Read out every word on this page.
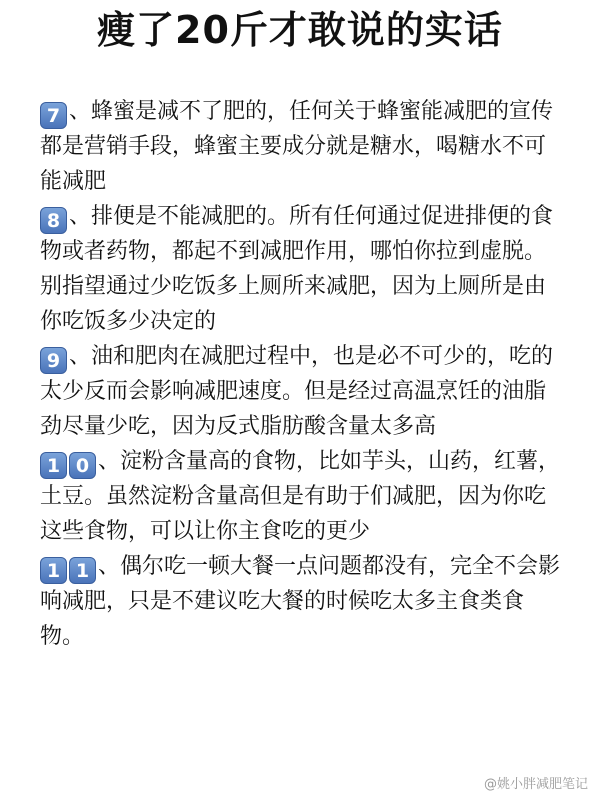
瘦了20斤才敢说的实话

7 、蜂蜜是减不了肥的，任何关于蜂蜜能减肥的宣传都是营销手段，蜂蜜主要成分就是糖水，喝糖水不可能减肥

8 、排便是不能减肥的。所有任何通过促进排便的食物或者药物，都起不到减肥作用，哪怕你拉到虚脱。别指望通过少吃饭多上厕所来减肥，因为上厕所是由你吃饭多少决定的

9 、油和肥肉在减肥过程中，也是必不可少的，吃的太少反而会影响减肥速度。但是经过高温烹饪的油脂劲尽量少吃，因为反式脂肪酸含量太多高

1 0 、淀粉含量高的食物，比如芋头，山药，红薯，土豆。虽然淀粉含量高但是有助于们减肥，因为你吃这些食物，可以让你主食吃的更少

1 1 、偶尔吃一顿大餐一点问题都没有，完全不会影响减肥，只是不建议吃大餐的时候吃太多主食类食物。

@姚小胖减肥笔记
